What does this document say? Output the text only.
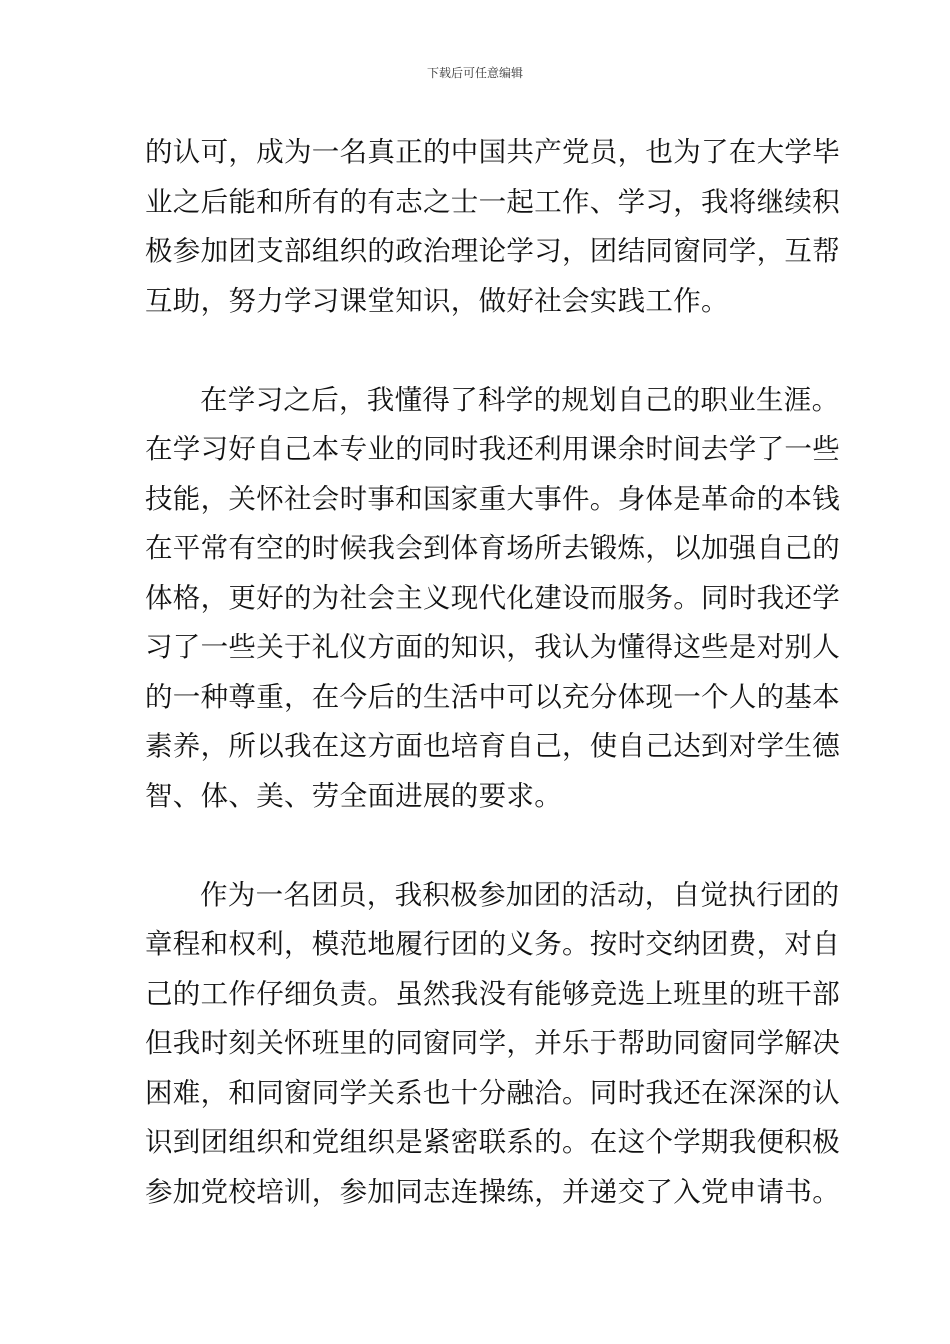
下载后可任意编辑
的认可，成为一名真正的中国共产党员，也为了在大学毕
业之后能和所有的有志之士一起工作、学习，我将继续积
极参加团支部组织的政治理论学习，团结同窗同学，互帮
互助，努力学习课堂知识，做好社会实践工作。
在学习之后，我懂得了科学的规划自己的职业生涯。
在学习好自己本专业的同时我还利用课余时间去学了一些
技能，关怀社会时事和国家重大事件。身体是革命的本钱
在平常有空的时候我会到体育场所去锻炼，以加强自己的
体格，更好的为社会主义现代化建设而服务。同时我还学
习了一些关于礼仪方面的知识，我认为懂得这些是对别人
的一种尊重，在今后的生活中可以充分体现一个人的基本
素养，所以我在这方面也培育自己，使自己达到对学生德
智、体、美、劳全面进展的要求。
作为一名团员，我积极参加团的活动，自觉执行团的
章程和权利，模范地履行团的义务。按时交纳团费，对自
己的工作仔细负责。虽然我没有能够竞选上班里的班干部
但我时刻关怀班里的同窗同学，并乐于帮助同窗同学解决
困难，和同窗同学关系也十分融洽。同时我还在深深的认
识到团组织和党组织是紧密联系的。在这个学期我便积极
参加党校培训，参加同志连操练，并递交了入党申请书。
